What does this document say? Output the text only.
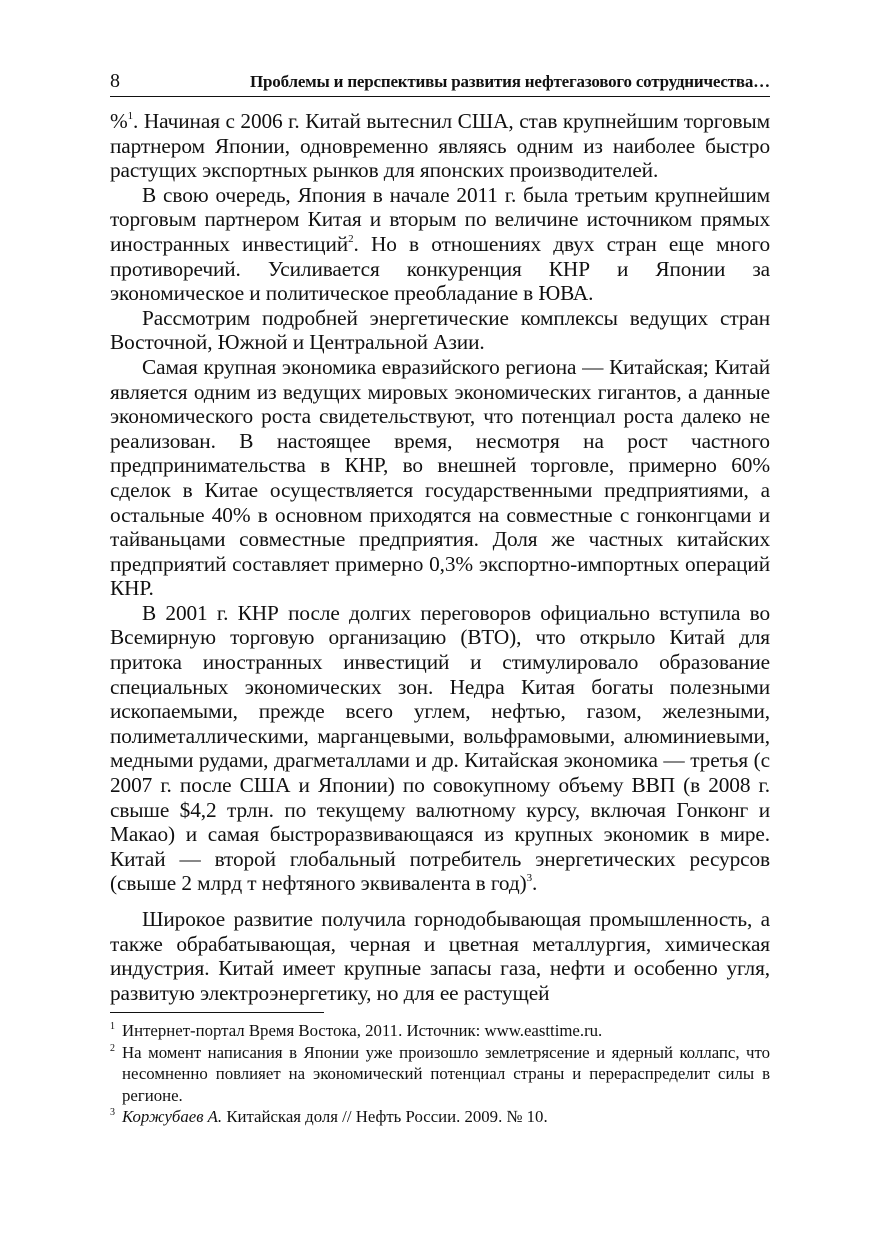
8	Проблемы и перспективы развития нефтегазового сотрудничества…

%$^1$. Начиная с 2006 г. Китай вытеснил США, став крупнейшим торговым партнером Японии, одновременно являясь одним из наиболее быстро растущих экспортных рынков для японских производителей.

В свою очередь, Япония в начале 2011 г. была третьим крупнейшим торговым партнером Китая и вторым по величине источником прямых иностранных инвестиций$^2$. Но в отношениях двух стран еще много противоречий. Усиливается конкуренция КНР и Японии за экономическое и политическое преобладание в ЮВА.

Рассмотрим подробней энергетические комплексы ведущих стран Восточной, Южной и Центральной Азии.

Самая крупная экономика евразийского региона — Китайская; Китай является одним из ведущих мировых экономических гигантов, а данные экономического роста свидетельствуют, что потенциал роста далеко не реализован. В настоящее время, несмотря на рост частного предпринимательства в КНР, во внешней торговле, примерно 60% сделок в Китае осуществляется государственными предприятиями, а остальные 40% в основном приходятся на совместные с гонконгцами и тайваньцами совместные предприятия. Доля же частных китайских предприятий составляет примерно 0,3% экспортно-импортных операций КНР.

В 2001 г. КНР после долгих переговоров официально вступила во Всемирную торговую организацию (ВТО), что открыло Китай для притока иностранных инвестиций и стимулировало образование специальных экономических зон. Недра Китая богаты полезными ископаемыми, прежде всего углем, нефтью, газом, железными, полиметаллическими, марганцевыми, вольфрамовыми, алюминиевыми, медными рудами, драгметаллами и др. Китайская экономика — третья (с 2007 г. после США и Японии) по совокупному объему ВВП (в 2008 г. свыше $4,2 трлн. по текущему валютному курсу, включая Гонконг и Макао) и самая быстроразвивающаяся из крупных экономик в мире. Китай — второй глобальный потребитель энергетических ресурсов (свыше 2 млрд т нефтяного эквивалента в год)$^3$.

Широкое развитие получила горнодобывающая промышленность, а также обрабатывающая, черная и цветная металлургия, химическая индустрия. Китай имеет крупные запасы газа, нефти и особенно угля, развитую электроэнергетику, но для ее растущей

1 Интернет-портал Время Востока, 2011. Источник: www.easttime.ru.
2 На момент написания в Японии уже произошло землетрясение и ядерный коллапс, что несомненно повлияет на экономический потенциал страны и перераспределит силы в регионе.
3 Коржубаев А. Китайская доля // Нефть России. 2009. № 10.
